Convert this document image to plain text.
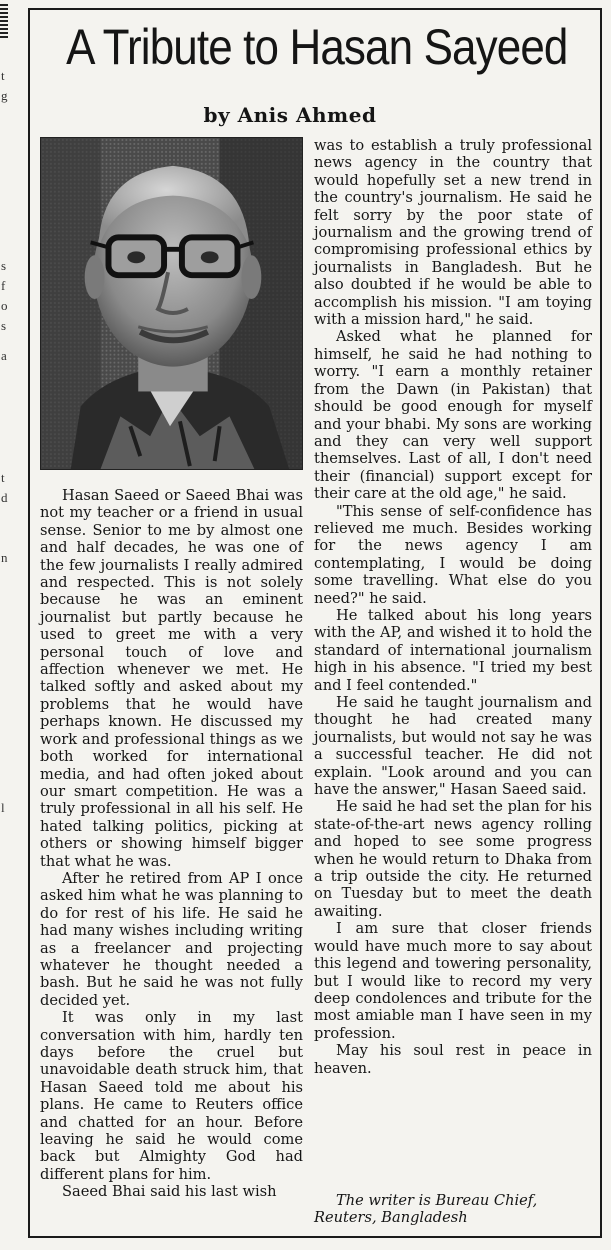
t
g
s
f
o
s
a
t
d
n
l
A Tribute to Hasan Sayeed
by Anis Ahmed

Hasan Saeed or Saeed Bhai was not my teacher or a friend in usual sense. Senior to me by almost one and half decades, he was one of the few journalists I really admired and respected. This is not solely because he was an eminent journalist but partly because he used to greet me with a very personal touch of love and affection whenever we met. He talked softly and asked about my problems that he would have perhaps known. He discussed my work and professional things as we both worked for international media, and had often joked about our smart competition. He was a truly professional in all his self. He hated talking politics, picking at others or showing himself bigger that what he was.

After he retired from AP I once asked him what he was planning to do for rest of his life. He said he had many wishes including writing as a freelancer and projecting whatever he thought needed a bash. But he said he was not fully decided yet.

It was only in my last conversation with him, hardly ten days before the cruel but unavoidable death struck him, that Hasan Saeed told me about his plans. He came to Reuters office and chatted for an hour. Before leaving he said he would come back but Almighty God had different plans for him.

Saeed Bhai said his last wish

was to establish a truly professional news agency in the country that would hopefully set a new trend in the country's journalism. He said he felt sorry by the poor state of journalism and the growing trend of compromising professional ethics by journalists in Bangladesh. But he also doubted if he would be able to accomplish his mission. "I am toying with a mission hard," he said.

Asked what he planned for himself, he said he had nothing to worry. "I earn a monthly retainer from the Dawn (in Pakistan) that should be good enough for myself and your bhabi. My sons are working and they can very well support themselves. Last of all, I don't need their (financial) support except for their care at the old age," he said.

"This sense of self-confidence has relieved me much. Besides working for the news agency I am contemplating, I would be doing some travelling. What else do you need?" he said.

He talked about his long years with the AP, and wished it to hold the standard of international journalism high in his absence. "I tried my best and I feel contended."

He said he taught journalism and thought he had created many journalists, but would not say he was a successful teacher. He did not explain. "Look around and you can have the answer," Hasan Saeed said.

He said he had set the plan for his state-of-the-art news agency rolling and hoped to see some progress when he would return to Dhaka from a trip outside the city. He returned on Tuesday but to meet the death awaiting.

I am sure that closer friends would have much more to say about this legend and towering personality, but I would like to record my very deep condolences and tribute for the most amiable man I have seen in my profession.

May his soul rest in peace in heaven.

The writer is Bureau Chief, Reuters, Bangladesh
